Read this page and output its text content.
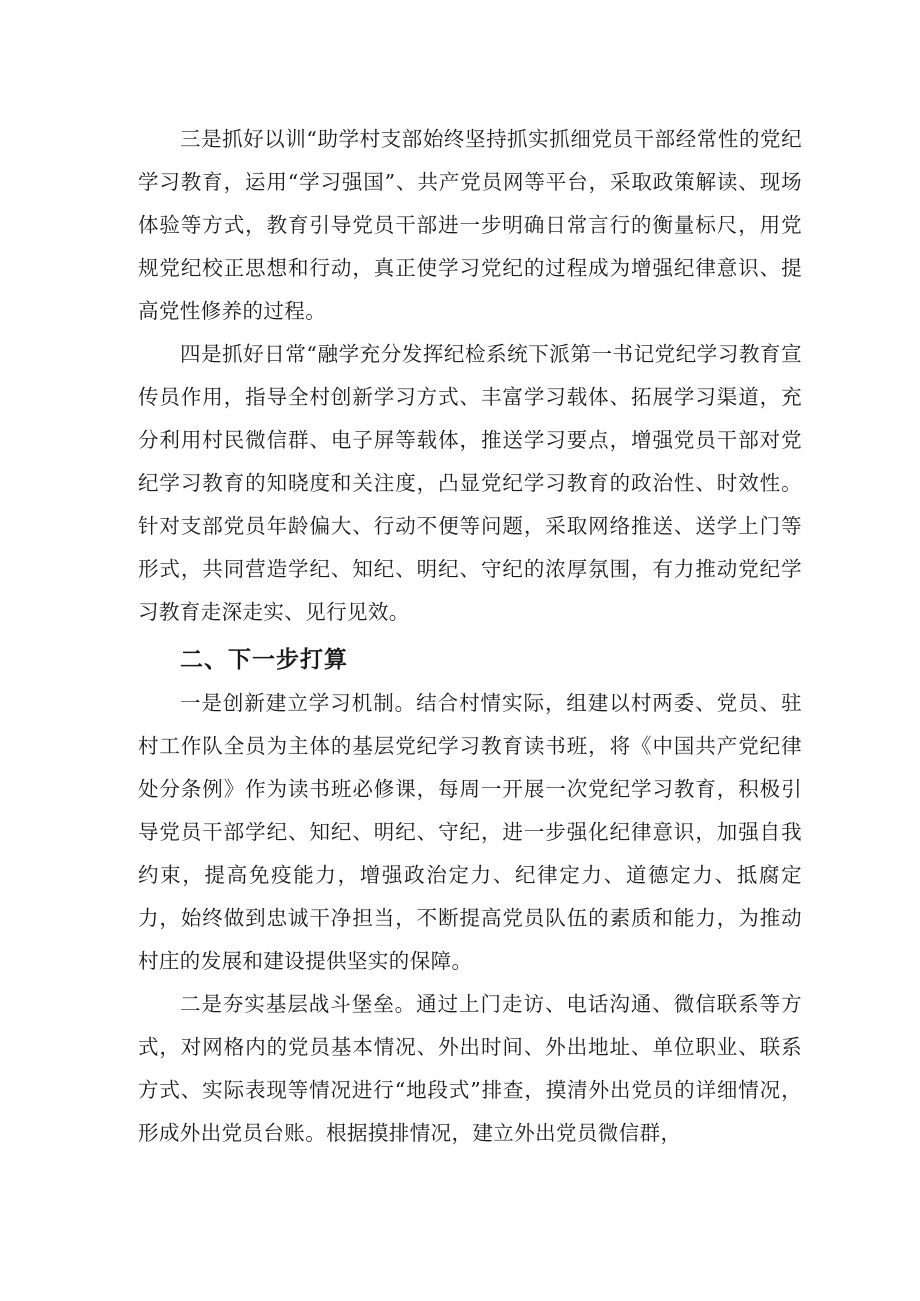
三是抓好以训“助学村支部始终坚持抓实抓细党员干部经常性的党纪学习教育，运用“学习强国”、共产党员网等平台，采取政策解读、现场体验等方式，教育引导党员干部进一步明确日常言行的衡量标尺，用党规党纪校正思想和行动，真正使学习党纪的过程成为增强纪律意识、提高党性修养的过程。

四是抓好日常“融学充分发挥纪检系统下派第一书记党纪学习教育宣传员作用，指导全村创新学习方式、丰富学习载体、拓展学习渠道，充分利用村民微信群、电子屏等载体，推送学习要点，增强党员干部对党纪学习教育的知晓度和关注度，凸显党纪学习教育的政治性、时效性。针对支部党员年龄偏大、行动不便等问题，采取网络推送、送学上门等形式，共同营造学纪、知纪、明纪、守纪的浓厚氛围，有力推动党纪学习教育走深走实、见行见效。

二、下一步打算

一是创新建立学习机制。结合村情实际，组建以村两委、党员、驻村工作队全员为主体的基层党纪学习教育读书班，将《中国共产党纪律处分条例》作为读书班必修课，每周一开展一次党纪学习教育，积极引导党员干部学纪、知纪、明纪、守纪，进一步强化纪律意识，加强自我约束，提高免疫能力，增强政治定力、纪律定力、道德定力、抵腐定力，始终做到忠诚干净担当，不断提高党员队伍的素质和能力，为推动村庄的发展和建设提供坚实的保障。

二是夯实基层战斗堡垒。通过上门走访、电话沟通、微信联系等方式，对网格内的党员基本情况、外出时间、外出地址、单位职业、联系方式、实际表现等情况进行“地段式”排查，摸清外出党员的详细情况，形成外出党员台账。根据摸排情况，建立外出党员微信群，
